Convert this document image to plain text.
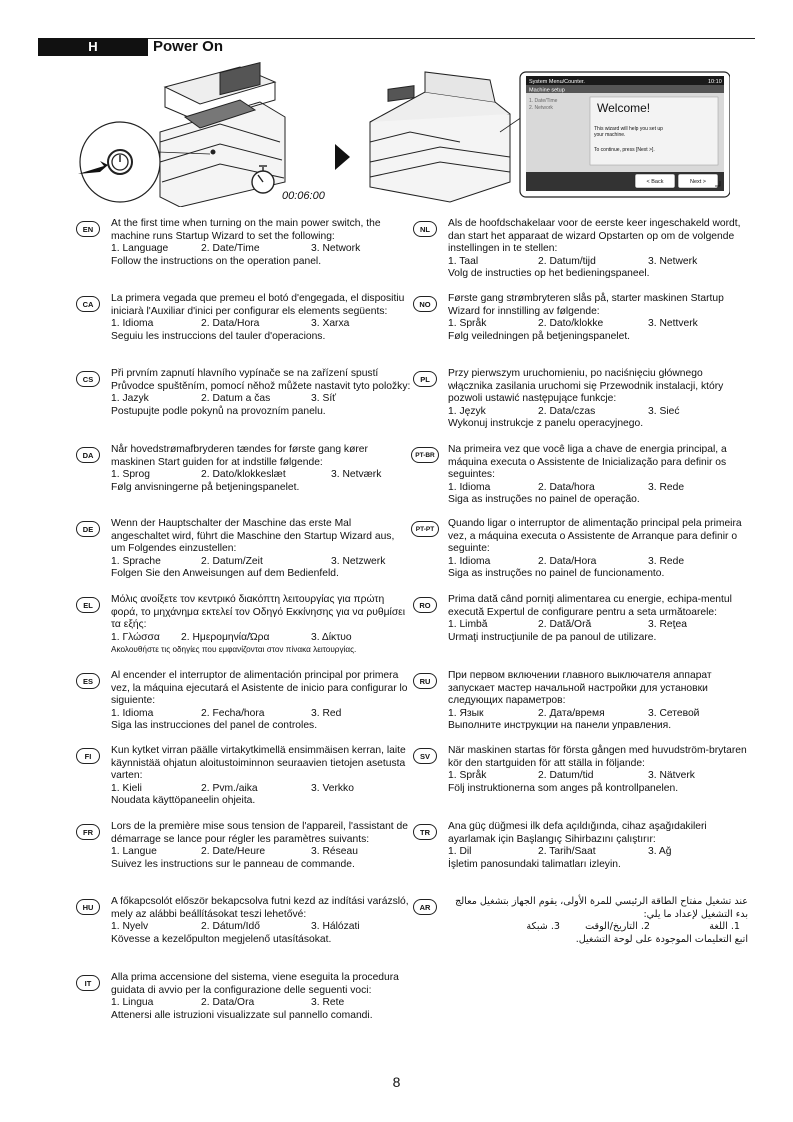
H	Power On
00:06:00
System Menu/Counter.	10:10
Machine setup
1. Date/Time
2. Network	Welcome!
This wizard will help you set up
your machine.
To continue, press [Next >].
< Back	Next >
EN
At the first time when turning on the main power switch, the machine runs Startup Wizard to set the following:
1. Language	2. Date/Time	3. Network
Follow the instructions on the operation panel.
CA
La primera vegada que premeu el botó d'engegada, el dispositiu iniciarà l'Auxiliar d'inici per configurar els elements següents:
1. Idioma	2. Data/Hora	3. Xarxa
Seguiu les instruccions del tauler d'operacions.
CS
Při prvním zapnutí hlavního vypínače se na zařízení spustí Průvodce spuštěním, pomocí něhož můžete nastavit tyto položky:
1. Jazyk	2. Datum a čas	3. Síť
Postupujte podle pokynů na provozním panelu.
DA
Når hovedstrømafbryderen tændes for første gang kører maskinen Start guiden for at indstille følgende:
1. Sprog	2. Dato/klokkeslæt	3. Netværk
Følg anvisningerne på betjeningspanelet.
DE
Wenn der Hauptschalter der Maschine das erste Mal angeschaltet wird, führt die Maschine den Startup Wizard aus, um Folgendes einzustellen:
1. Sprache	2. Datum/Zeit	3. Netzwerk
Folgen Sie den Anweisungen auf dem Bedienfeld.
EL
Μόλις ανοίξετε τον κεντρικό διακόπτη λειτουργίας για πρώτη φορά, το μηχάνημα εκτελεί τον Οδηγό Εκκίνησης για να ρυθμίσει τα εξής:
1. Γλώσσα	2. Ημερομηνία/Ώρα	3. Δίκτυο
Ακολουθήστε τις οδηγίες που εμφανίζονται στον πίνακα λειτουργίας.
ES
Al encender el interruptor de alimentación principal por primera vez, la máquina ejecutará el Asistente de inicio para configurar lo siguiente:
1. Idioma	2. Fecha/hora	3. Red
Siga las instrucciones del panel de controles.
FI
Kun kytket virran päälle virtakytkimellä ensimmäisen kerran, laite käynnistää ohjatun aloitustoiminnon seuraavien tietojen asetusta varten:
1. Kieli	2. Pvm./aika	3. Verkko
Noudata käyttöpaneelin ohjeita.
FR
Lors de la première mise sous tension de l'appareil, l'assistant de démarrage se lance pour régler les paramètres suivants:
1. Langue	2. Date/Heure	3. Réseau
Suivez les instructions sur le panneau de commande.
HU
A főkapcsolót először bekapcsolva futni kezd az indítási varázsló, mely az alábbi beállításokat teszi lehetővé:
1. Nyelv	2. Dátum/Idő	3. Hálózati
Kövesse a kezelőpulton megjelenő utasításokat.
IT
Alla prima accensione del sistema, viene eseguita la procedura guidata di avvio per la configurazione delle seguenti voci:
1. Lingua	2. Data/Ora	3. Rete
Attenersi alle istruzioni visualizzate sul pannello comandi.
NL
Als de hoofdschakelaar voor de eerste keer ingeschakeld wordt, dan start het apparaat de wizard Opstarten op om de volgende instellingen in te stellen:
1. Taal	2. Datum/tijd	3. Netwerk
Volg de instructies op het bedieningspaneel.
NO
Første gang strømbryteren slås på, starter maskinen Startup Wizard for innstilling av følgende:
1. Språk	2. Dato/klokke	3. Nettverk
Følg veiledningen på betjeningspanelet.
PL
Przy pierwszym uruchomieniu, po naciśnięciu głównego włącznika zasilania uruchomi się Przewodnik instalacji, który pozwoli ustawić następujące funkcje:
1. Język	2. Data/czas	3. Sieć
Wykonuj instrukcje z panelu operacyjnego.
PT-BR
Na primeira vez que você liga a chave de energia principal, a máquina executa o Assistente de Inicialização para definir os seguintes:
1. Idioma	2. Data/hora	3. Rede
Siga as instruções no painel de operação.
PT-PT
Quando ligar o interruptor de alimentação principal pela primeira vez, a máquina executa o Assistente de Arranque para definir o seguinte:
1. Idioma	2. Data/Hora	3. Rede
Siga as instruções no painel de funcionamento.
RO
Prima dată când porniţi alimentarea cu energie, echipa-mentul execută Expertul de configurare pentru a seta următoarele:
1. Limbă	2. Dată/Oră	3. Reţea
Urmaţi instrucţiunile de pa panoul de utilizare.
RU
При первом включении главного выключателя аппарат запускает мастер начальной настройки для установки следующих параметров:
1. Язык	2. Дата/время	3. Сетевой
Выполните инструкции на панели управления.
SV
När maskinen startas för första gången med huvudström-brytaren kör den startguiden för att ställa in följande:
1. Språk	2. Datum/tid	3. Nätverk
Följ instruktionerna som anges på kontrollpanelen.
TR
Ana güç düğmesi ilk defa açıldığında, cihaz aşağıdakileri ayarlamak için Başlangıç Sihirbazını çalıştırır:
1. Dil	2. Tarih/Saat	3. Ağ
İşletim panosundaki talimatları izleyin.
AR
عند تشغيل مفتاح الطاقة الرئيسي للمرة الأولى، يقوم الجهاز بتشغيل معالج بدء التشغيل لإعداد ما يلي:
1. اللغة
2. التاريخ/الوقت
3. شبكة
اتبع التعليمات الموجودة على لوحة التشغيل.
8
